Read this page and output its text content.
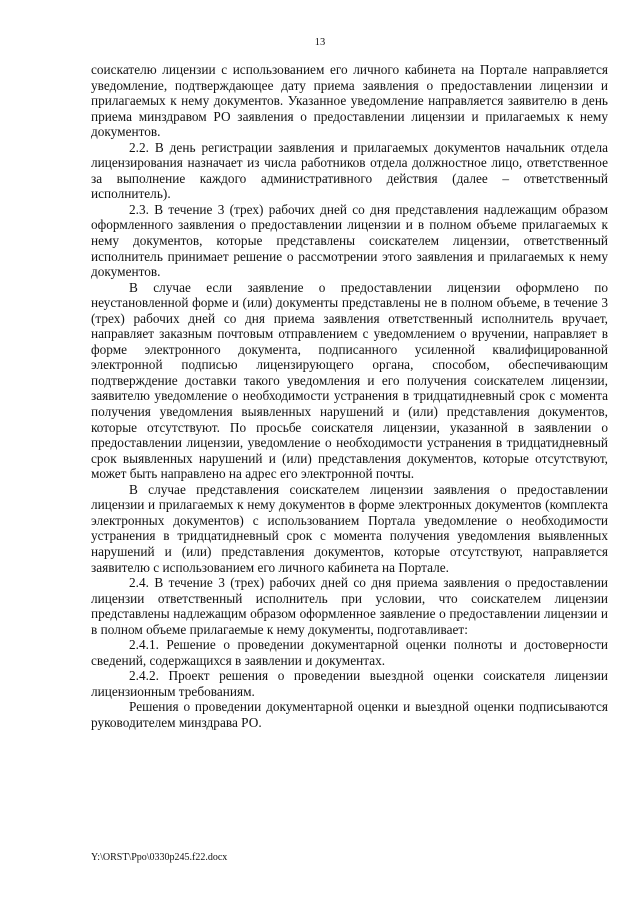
13

соискателю лицензии с использованием его личного кабинета на Портале направляется уведомление, подтверждающее дату приема заявления о предоставлении лицензии и прилагаемых к нему документов. Указанное уведомление направляется заявителю в день приема минздравом РО заявления о предоставлении лицензии и прилагаемых к нему документов.

2.2. В день регистрации заявления и прилагаемых документов начальник отдела лицензирования назначает из числа работников отдела должностное лицо, ответственное за выполнение каждого административного действия (далее – ответственный исполнитель).

2.3. В течение 3 (трех) рабочих дней со дня представления надлежащим образом оформленного заявления о предоставлении лицензии и в полном объеме прилагаемых к нему документов, которые представлены соискателем лицензии, ответственный исполнитель принимает решение о рассмотрении этого заявления и прилагаемых к нему документов.

В случае если заявление о предоставлении лицензии оформлено по неустановленной форме и (или) документы представлены не в полном объеме, в течение 3 (трех) рабочих дней со дня приема заявления ответственный исполнитель вручает, направляет заказным почтовым отправлением с уведомлением о вручении, направляет в форме электронного документа, подписанного усиленной квалифицированной электронной подписью лицензирующего органа, способом, обеспечивающим подтверждение доставки такого уведомления и его получения соискателем лицензии, заявителю уведомление о необходимости устранения в тридцатидневный срок с момента получения уведомления выявленных нарушений и (или) представления документов, которые отсутствуют. По просьбе соискателя лицензии, указанной в заявлении о предоставлении лицензии, уведомление о необходимости устранения в тридцатидневный срок выявленных нарушений и (или) представления документов, которые отсутствуют, может быть направлено на адрес его электронной почты.

В случае представления соискателем лицензии заявления о предоставлении лицензии и прилагаемых к нему документов в форме электронных документов (комплекта электронных документов) с использованием Портала уведомление о необходимости устранения в тридцатидневный срок с момента получения уведомления выявленных нарушений и (или) представления документов, которые отсутствуют, направляется заявителю с использованием его личного кабинета на Портале.

2.4. В течение 3 (трех) рабочих дней со дня приема заявления о предоставлении лицензии ответственный исполнитель при условии, что соискателем лицензии представлены надлежащим образом оформленное заявление о предоставлении лицензии и в полном объеме прилагаемые к нему документы, подготавливает:

2.4.1. Решение о проведении документарной оценки полноты и достоверности сведений, содержащихся в заявлении и документах.

2.4.2. Проект решения о проведении выездной оценки соискателя лицензии лицензионным требованиям.

Решения о проведении документарной оценки и выездной оценки подписываются руководителем минздрава РО.

Y:\ORST\Ppo\0330p245.f22.docx
